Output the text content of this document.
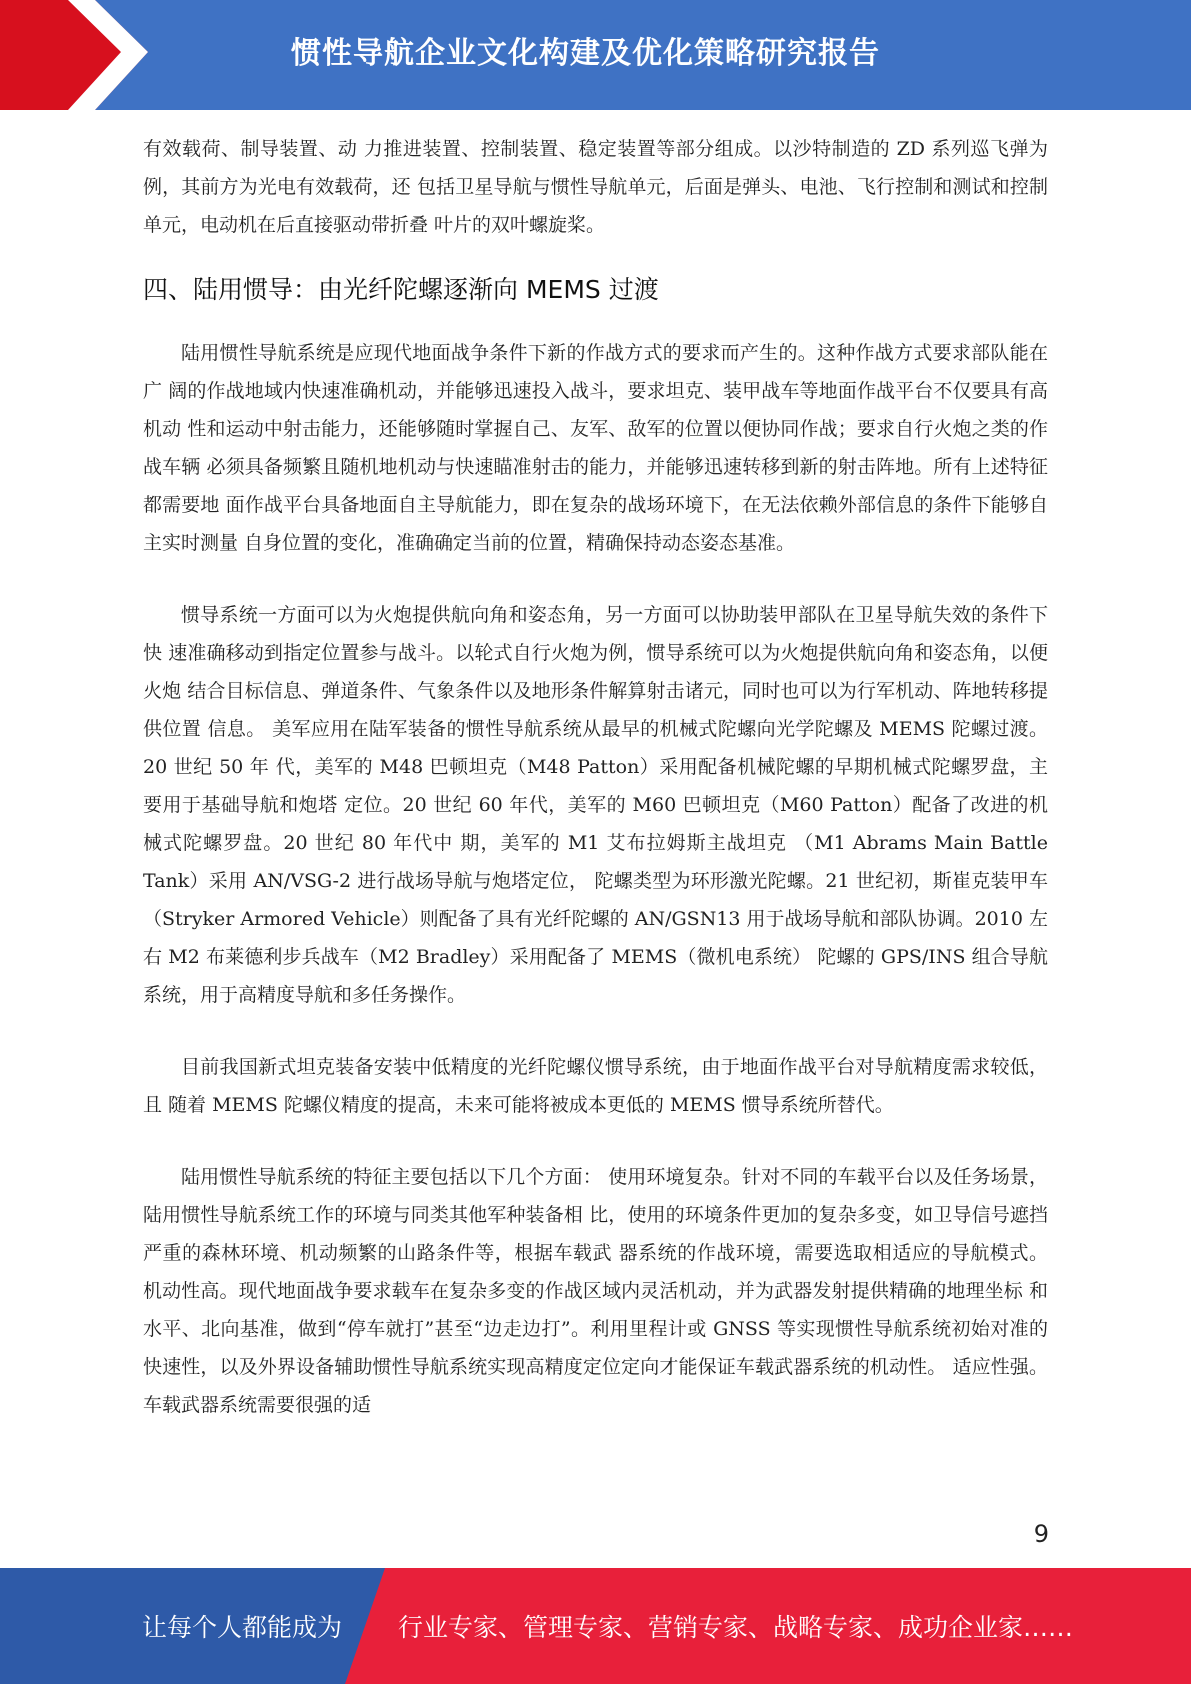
惯性导航企业文化构建及优化策略研究报告

有效载荷、制导装置、动 力推进装置、控制装置、稳定装置等部分组成。以沙特制造的 ZD 系列巡飞弹为例，其前方为光电有效载荷，还 包括卫星导航与惯性导航单元，后面是弹头、电池、飞行控制和测试和控制单元，电动机在后直接驱动带折叠 叶片的双叶螺旋桨。

四、陆用惯导：由光纤陀螺逐渐向 MEMS 过渡

陆用惯性导航系统是应现代地面战争条件下新的作战方式的要求而产生的。这种作战方式要求部队能在广 阔的作战地域内快速准确机动，并能够迅速投入战斗，要求坦克、装甲战车等地面作战平台不仅要具有高机动 性和运动中射击能力，还能够随时掌握自己、友军、敌军的位置以便协同作战；要求自行火炮之类的作战车辆 必须具备频繁且随机地机动与快速瞄准射击的能力，并能够迅速转移到新的射击阵地。所有上述特征都需要地 面作战平台具备地面自主导航能力，即在复杂的战场环境下，在无法依赖外部信息的条件下能够自主实时测量 自身位置的变化，准确确定当前的位置，精确保持动态姿态基准。

惯导系统一方面可以为火炮提供航向角和姿态角，另一方面可以协助装甲部队在卫星导航失效的条件下快 速准确移动到指定位置参与战斗。以轮式自行火炮为例，惯导系统可以为火炮提供航向角和姿态角，以便火炮 结合目标信息、弹道条件、气象条件以及地形条件解算射击诸元，同时也可以为行军机动、阵地转移提供位置 信息。 美军应用在陆军装备的惯性导航系统从最早的机械式陀螺向光学陀螺及 MEMS 陀螺过渡。20 世纪 50 年 代，美军的 M48 巴顿坦克（M48 Patton）采用配备机械陀螺的早期机械式陀螺罗盘，主要用于基础导航和炮塔 定位。20 世纪 60 年代，美军的 M60 巴顿坦克（M60 Patton）配备了改进的机械式陀螺罗盘。20 世纪 80 年代中 期，美军的 M1 艾布拉姆斯主战坦克 （M1 Abrams Main Battle Tank）采用 AN/VSG-2 进行战场导航与炮塔定位， 陀螺类型为环形激光陀螺。21 世纪初，斯崔克装甲车（Stryker Armored Vehicle）则配备了具有光纤陀螺的 AN/GSN13 用于战场导航和部队协调。2010 左右 M2 布莱德利步兵战车（M2 Bradley）采用配备了 MEMS（微机电系统） 陀螺的 GPS/INS 组合导航系统，用于高精度导航和多任务操作。

目前我国新式坦克装备安装中低精度的光纤陀螺仪惯导系统，由于地面作战平台对导航精度需求较低，且 随着 MEMS 陀螺仪精度的提高，未来可能将被成本更低的 MEMS 惯导系统所替代。

陆用惯性导航系统的特征主要包括以下几个方面： 使用环境复杂。针对不同的车载平台以及任务场景，陆用惯性导航系统工作的环境与同类其他军种装备相 比，使用的环境条件更加的复杂多变，如卫导信号遮挡严重的森林环境、机动频繁的山路条件等，根据车载武 器系统的作战环境，需要选取相适应的导航模式。 机动性高。现代地面战争要求载车在复杂多变的作战区域内灵活机动，并为武器发射提供精确的地理坐标 和水平、北向基准，做到“停车就打”甚至“边走边打”。利用里程计或 GNSS 等实现惯性导航系统初始对准的 快速性，以及外界设备辅助惯性导航系统实现高精度定位定向才能保证车载武器系统的机动性。 适应性强。车载武器系统需要很强的适

9
让每个人都能成为 行业专家、管理专家、营销专家、战略专家、成功企业家……
